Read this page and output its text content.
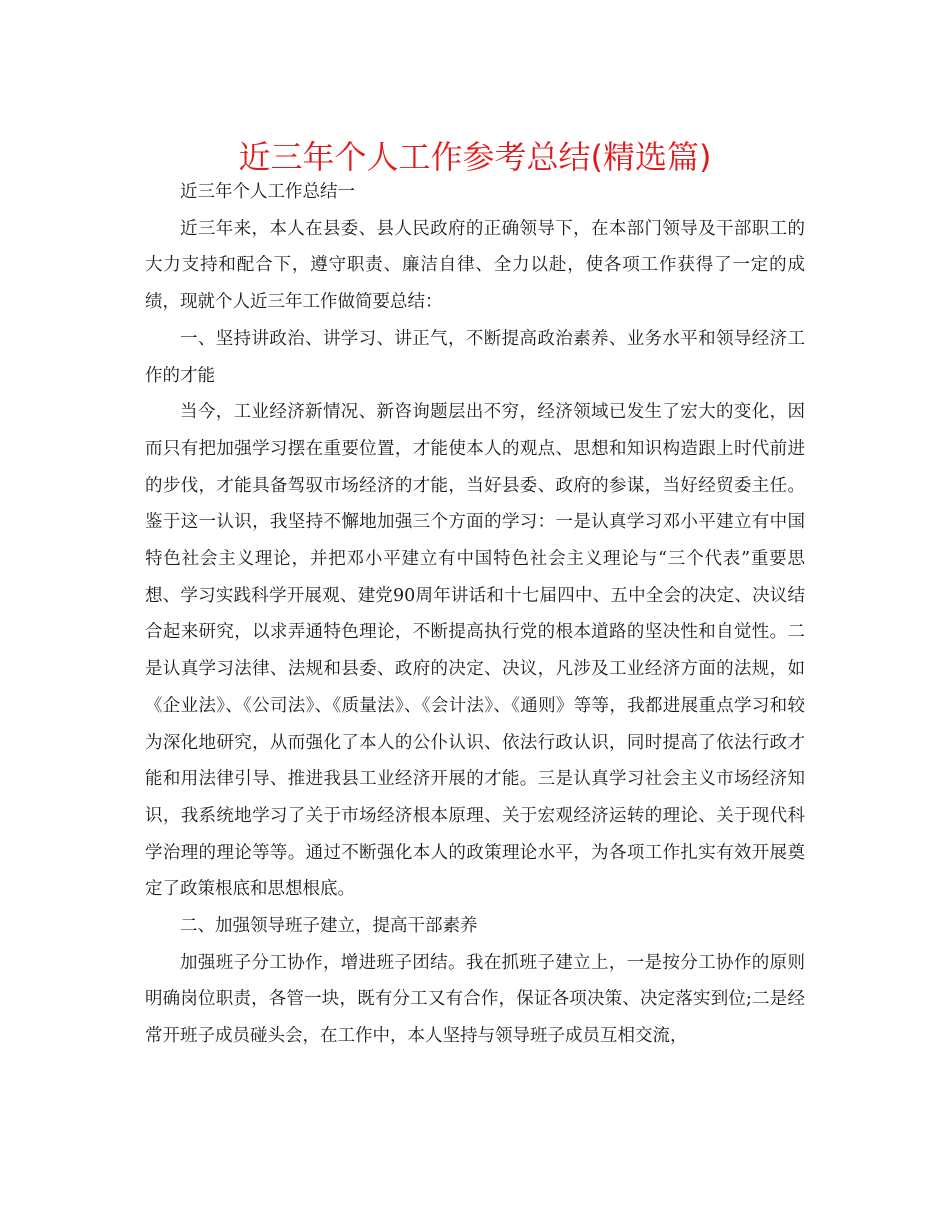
近三年个人工作参考总结(精选篇)

近三年个人工作总结一

近三年来，本人在县委、县人民政府的正确领导下，在本部门领导及干部职工的大力支持和配合下，遵守职责、廉洁自律、全力以赴，使各项工作获得了一定的成绩，现就个人近三年工作做简要总结：

一、坚持讲政治、讲学习、讲正气，不断提高政治素养、业务水平和领导经济工作的才能

当今，工业经济新情况、新咨询题层出不穷，经济领域已发生了宏大的变化，因而只有把加强学习摆在重要位置，才能使本人的观点、思想和知识构造跟上时代前进的步伐，才能具备驾驭市场经济的才能，当好县委、政府的参谋，当好经贸委主任。鉴于这一认识，我坚持不懈地加强三个方面的学习：一是认真学习邓小平建立有中国特色社会主义理论，并把邓小平建立有中国特色社会主义理论与“三个代表”重要思想、学习实践科学开展观、建党90周年讲话和十七届四中、五中全会的决定、决议结合起来研究，以求弄通特色理论，不断提高执行党的根本道路的坚决性和自觉性。二是认真学习法律、法规和县委、政府的决定、决议，凡涉及工业经济方面的法规，如《企业法》、《公司法》、《质量法》、《会计法》、《通则》等等，我都进展重点学习和较为深化地研究，从而强化了本人的公仆认识、依法行政认识，同时提高了依法行政才能和用法律引导、推进我县工业经济开展的才能。三是认真学习社会主义市场经济知识，我系统地学习了关于市场经济根本原理、关于宏观经济运转的理论、关于现代科学治理的理论等等。通过不断强化本人的政策理论水平，为各项工作扎实有效开展奠定了政策根底和思想根底。

二、加强领导班子建立，提高干部素养

加强班子分工协作，增进班子团结。我在抓班子建立上，一是按分工协作的原则明确岗位职责，各管一块，既有分工又有合作，保证各项决策、决定落实到位;二是经常开班子成员碰头会，在工作中，本人坚持与领导班子成员互相交流，
